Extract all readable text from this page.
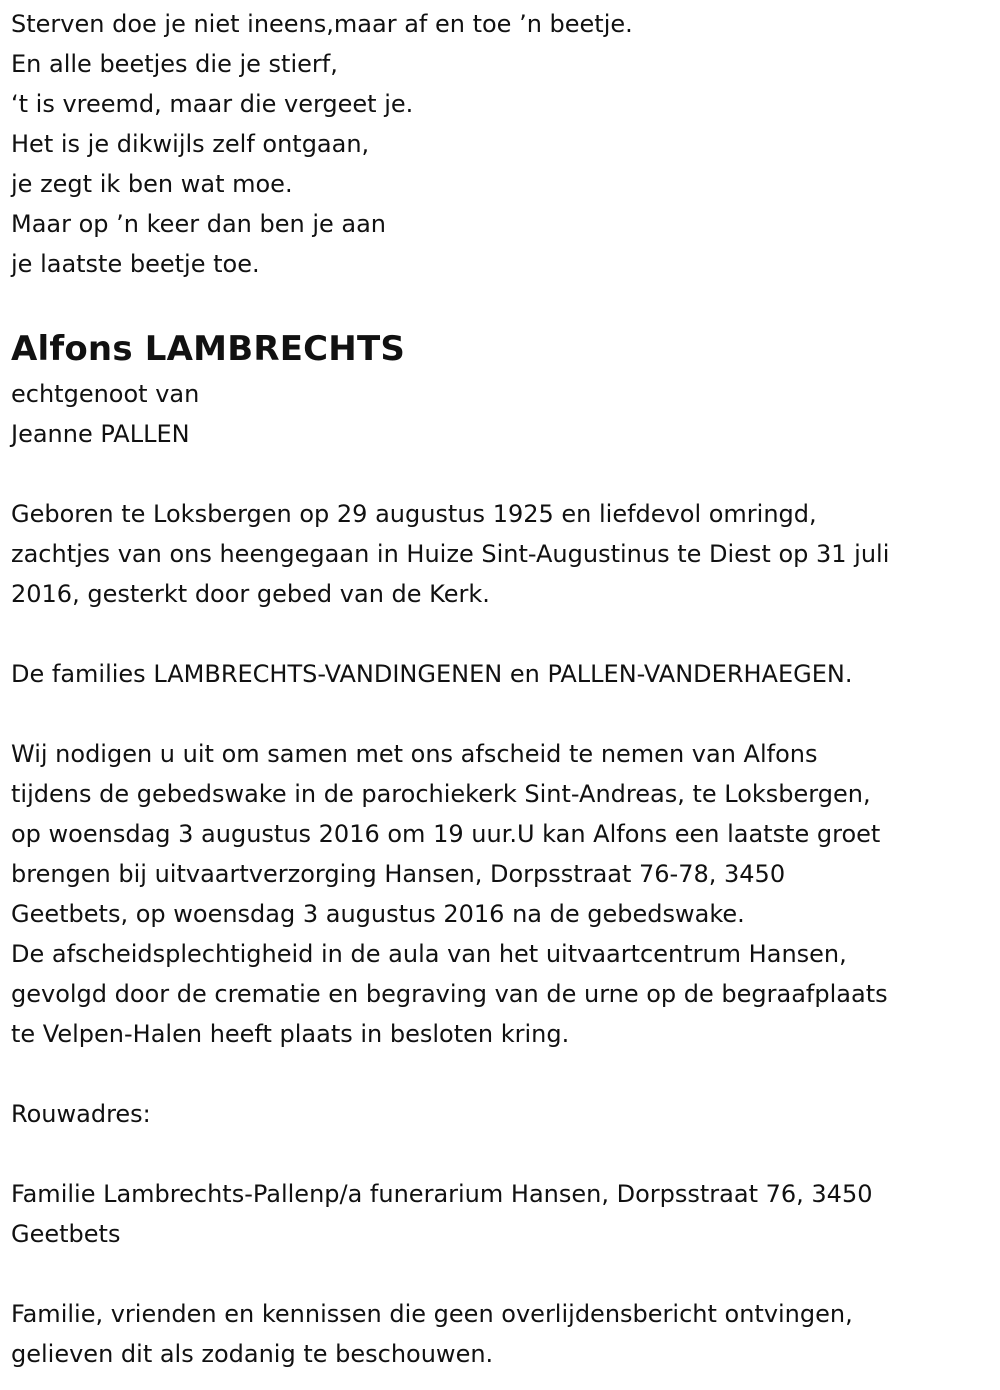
Sterven doe je niet ineens,maar af en toe ’n beetje.
En alle beetjes die je stierf,
‘t is vreemd, maar die vergeet je.
Het is je dikwijls zelf ontgaan,
je zegt ik ben wat moe.
Maar op ’n keer dan ben je aan
je laatste beetje toe.
Alfons LAMBRECHTS
echtgenoot van
Jeanne PALLEN
Geboren te Loksbergen op 29 augustus 1925 en liefdevol omringd,
zachtjes van ons heengegaan in Huize Sint-Augustinus te Diest op 31 juli
2016, gesterkt door gebed van de Kerk.
De families LAMBRECHTS-VANDINGENEN en PALLEN-VANDERHAEGEN.
Wij nodigen u uit om samen met ons afscheid te nemen van Alfons
tijdens de gebedswake in de parochiekerk Sint-Andreas, te Loksbergen,
op woensdag 3 augustus 2016 om 19 uur.U kan Alfons een laatste groet
brengen bij uitvaartverzorging Hansen, Dorpsstraat 76-78, 3450
Geetbets, op woensdag 3 augustus 2016 na de gebedswake.
De afscheidsplechtigheid in de aula van het uitvaartcentrum Hansen,
gevolgd door de crematie en begraving van de urne op de begraafplaats
te Velpen-Halen heeft plaats in besloten kring.
Rouwadres:
Familie Lambrechts-Pallenp/a funerarium Hansen, Dorpsstraat 76, 3450
Geetbets
Familie, vrienden en kennissen die geen overlijdensbericht ontvingen,
gelieven dit als zodanig te beschouwen.
